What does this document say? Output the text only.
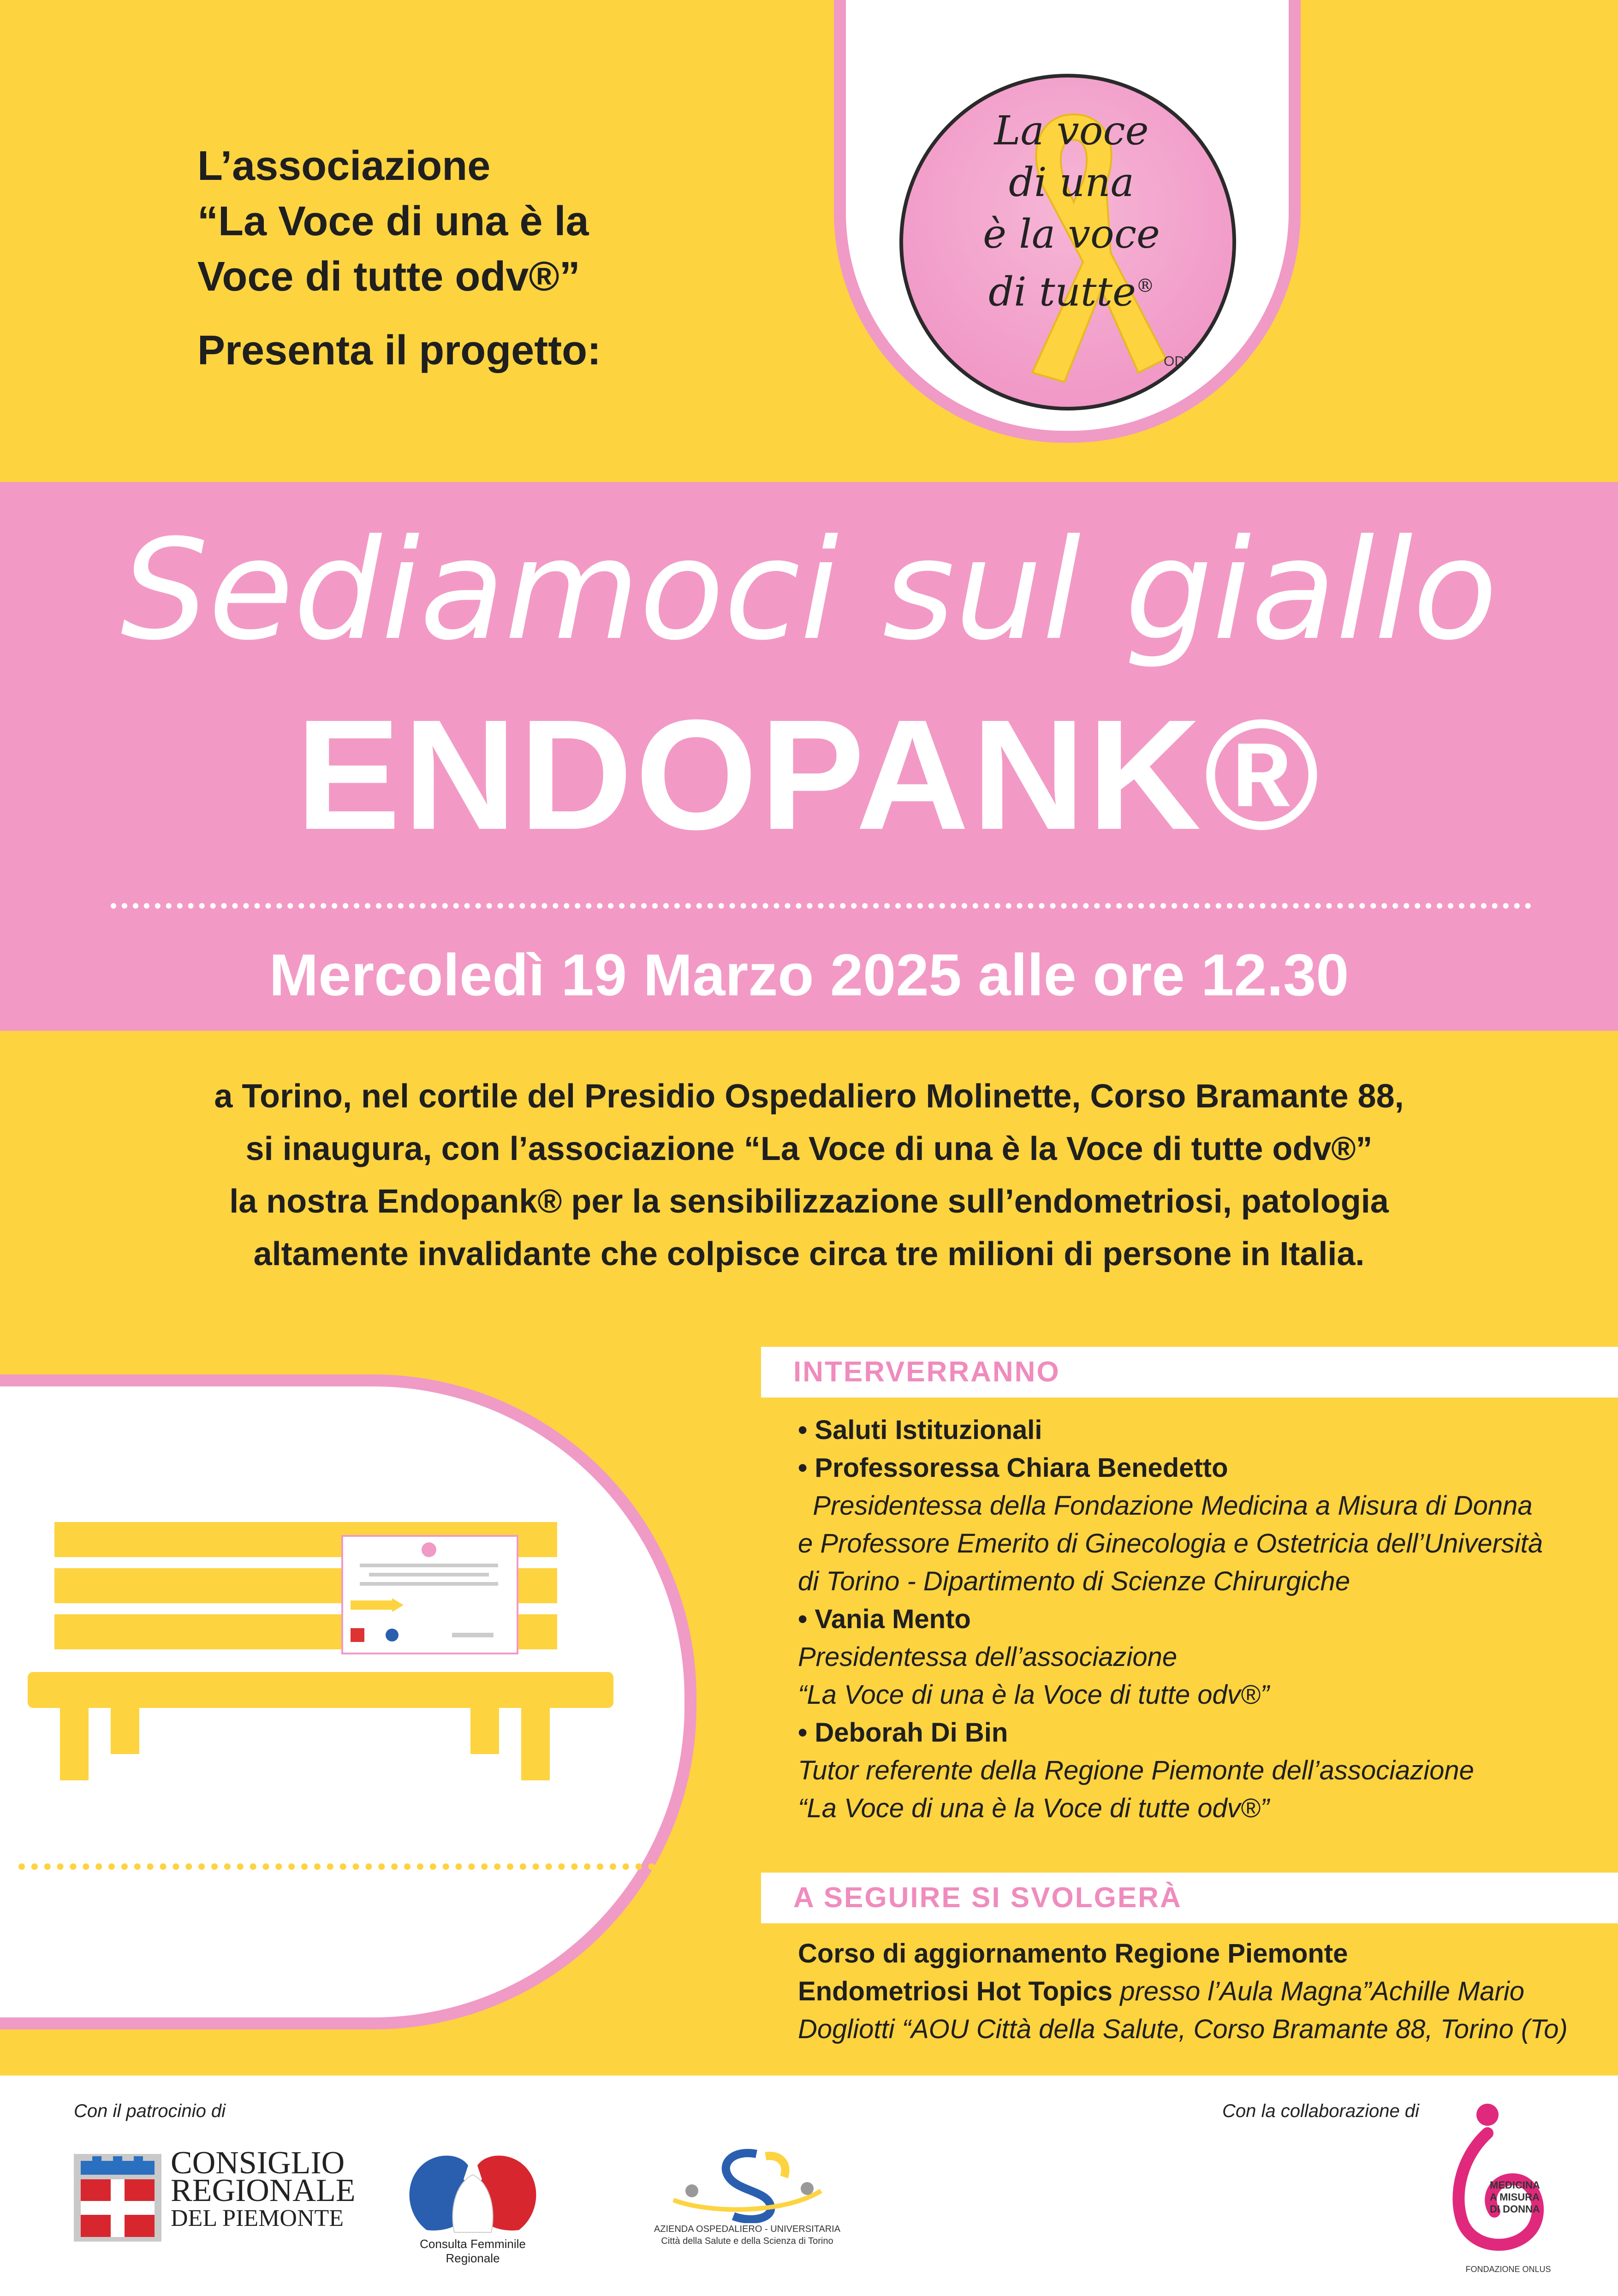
L’associazione
“La Voce di una è la
Voce di tutte odv®”
Presenta il progetto:
La voce
di una
è la voce
di tutte®
ODV
Sediamoci sul giallo
ENDOPANK®
Mercoledì 19 Marzo 2025 alle ore 12.30
a Torino, nel cortile del Presidio Ospedaliero Molinette, Corso Bramante 88,
si inaugura, con l’associazione “La Voce di una è la Voce di tutte odv®”
la nostra Endopank® per la sensibilizzazione sull’endometriosi, patologia
altamente invalidante che colpisce circa tre milioni di persone in Italia.
INTERVERRANNO
• Saluti Istituzionali
• Professoressa Chiara Benedetto
Presidentessa della Fondazione Medicina a Misura di Donna
e Professore Emerito di Ginecologia e Ostetricia dell’Università
di Torino - Dipartimento di Scienze Chirurgiche
• Vania Mento
Presidentessa dell’associazione
“La Voce di una è la Voce di tutte odv®”
• Deborah Di Bin
Tutor referente della Regione Piemonte dell’associazione
“La Voce di una è la Voce di tutte odv®”
A SEGUIRE SI SVOLGERÀ
Corso di aggiornamento Regione Piemonte
Endometriosi Hot Topics presso l’Aula Magna”Achille Mario
Dogliotti “AOU Città della Salute, Corso Bramante 88, Torino (To)
Con il patrocinio di	Con la collaborazione di
CONSIGLIO
REGIONALE
DEL PIEMONTE
Consulta Femminile Regionale
AZIENDA OSPEDALIERO - UNIVERSITARIA
Città della Salute e della Scienza di Torino
MEDICINA
A MISURA
DI DONNA
FONDAZIONE ONLUS
